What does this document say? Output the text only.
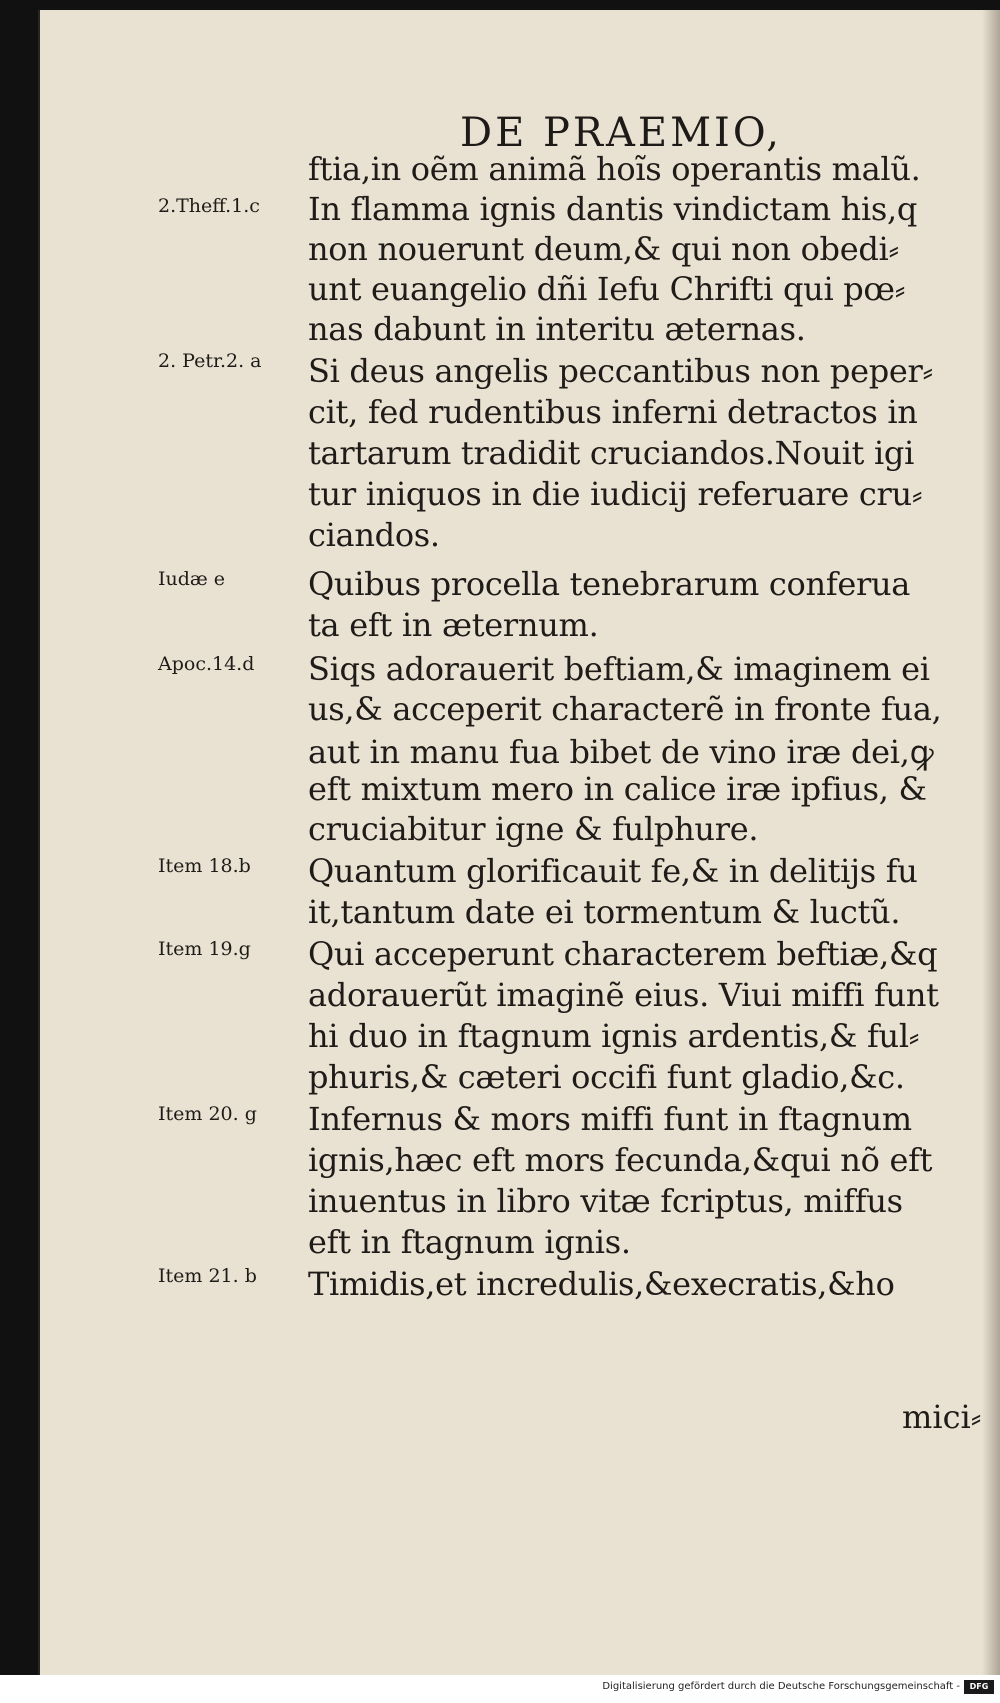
DE PRAEMIO,
2.Theff.1.c
2. Petr.2. a
Iudæ e
Apoc.14.d
Item 18.b
Item 19.g
Item 20. g
Item 21. b
ftia,in oẽm animã hoĩs operantis malũ.
In flamma ignis dantis vindictam his,q
non nouerunt deum,& qui non obedi⸗
unt euangelio dñi Iefu Chrifti qui pœ⸗
nas dabunt in interitu æternas.
Si deus angelis peccantibus non peper⸗
cit, fed rudentibus inferni detractos in
tartarum tradidit cruciandos.Nouit igi
tur iniquos in die iudicij referuare cru⸗
ciandos.
Quibus procella tenebrarum conferua
ta eft in æternum.
Siqs adorauerit beftiam,& imaginem ei
us,& acceperit characterẽ in fronte fua,
aut in manu fua bibet de vino iræ dei,ꝙ
eft mixtum mero in calice iræ ipfius, &
cruciabitur igne & fulphure.
Quantum glorificauit fe,& in delitijs fu
it,tantum date ei tormentum & luctũ.
Qui acceperunt characterem beftiæ,&q
adorauerũt imaginẽ eius. Viui miffi funt
hi duo in ftagnum ignis ardentis,& ful⸗
phuris,& cæteri occifi funt gladio,&c.
Infernus & mors miffi funt in ftagnum
ignis,hæc eft mors fecunda,&qui nõ eft
inuentus in libro vitæ fcriptus, miffus
eft in ftagnum ignis.
Timidis,et incredulis,&execratis,&ho
mici⸗
Digitalisierung gefördert durch die Deutsche Forschungsgemeinschaft -	DFG
